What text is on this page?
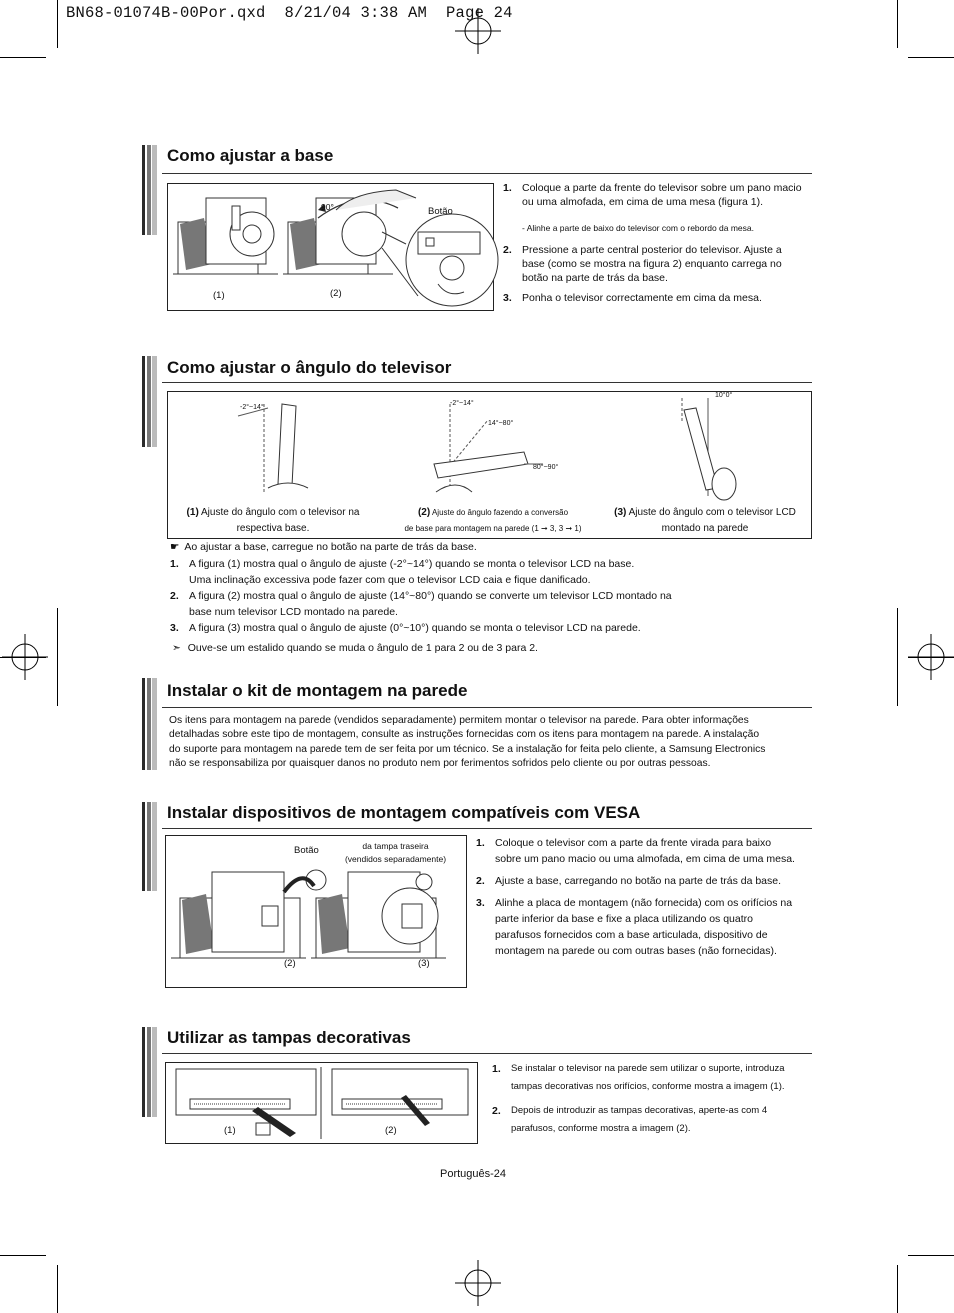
BN68-01074B-00Por.qxd  8/21/04 3:38 AM  Page 24
Como ajustar a base
90°	Botão
(1)	(2)
1. Coloque a parte da frente do televisor sobre um pano macio ou uma almofada, em cima de uma mesa (figura 1).
- Alinhe a parte de baixo do televisor com o rebordo da mesa.
2. Pressione a parte central posterior do televisor. Ajuste a base (como se mostra na figura 2) enquanto carrega no botão na parte de trás da base.
3. Ponha o televisor correctamente em cima da mesa.
Como ajustar o ângulo do televisor
-2°~14°
-2°~14°
14°~80°
80°~90°
10°0°
(1) Ajuste do ângulo com o televisor na
respectiva base.
(2) Ajuste do ângulo fazendo a conversão
de base para montagem na parede (1 ➞ 3, 3 ➞ 1)
(3) Ajuste do ângulo com o televisor LCD
montado na parede
☛ Ao ajustar a base, carregue no botão na parte de trás da base.
1. A figura (1) mostra qual o ângulo de ajuste (-2°~14°) quando se monta o televisor LCD na base.
Uma inclinação excessiva pode fazer com que o televisor LCD caia e fique danificado.
2. A figura (2) mostra qual o ângulo de ajuste (14°~80°) quando se converte um televisor LCD montado na
base num televisor LCD montado na parede.
3. A figura (3) mostra qual o ângulo de ajuste (0°~10°) quando se monta o televisor LCD na parede.
➣ Ouve-se um estalido quando se muda o ângulo de 1 para 2 ou de 3 para 2.
Instalar o kit de montagem na parede
Os itens para montagem na parede (vendidos separadamente) permitem montar o televisor na parede. Para obter informações
detalhadas sobre este tipo de montagem, consulte as instruções fornecidas com os itens para montagem na parede. A instalação
do suporte para montagem na parede tem de ser feita por um técnico. Se a instalação for feita pelo cliente, a Samsung Electronics
não se responsabiliza por quaisquer danos no produto nem por ferimentos sofridos pelo cliente ou por outras pessoas.
Instalar dispositivos de montagem compatíveis com VESA
Botão	da tampa traseira
(vendidos separadamente)
(2)	(3)
1. Coloque o televisor com a parte da frente virada para baixo
sobre um pano macio ou uma almofada, em cima de uma mesa.
2. Ajuste a base, carregando no botão na parte de trás da base.
3. Alinhe a placa de montagem (não fornecida) com os orifícios na
parte inferior da base e fixe a placa utilizando os quatro
parafusos fornecidos com a base articulada, dispositivo de
montagem na parede ou com outras bases (não fornecidas).
Utilizar as tampas decorativas
(1)	(2)
1. Se instalar o televisor na parede sem utilizar o suporte, introduza
tampas decorativas nos orifícios, conforme mostra a imagem (1).
2. Depois de introduzir as tampas decorativas, aperte-as com 4
parafusos, conforme mostra a imagem (2).
Português-24
